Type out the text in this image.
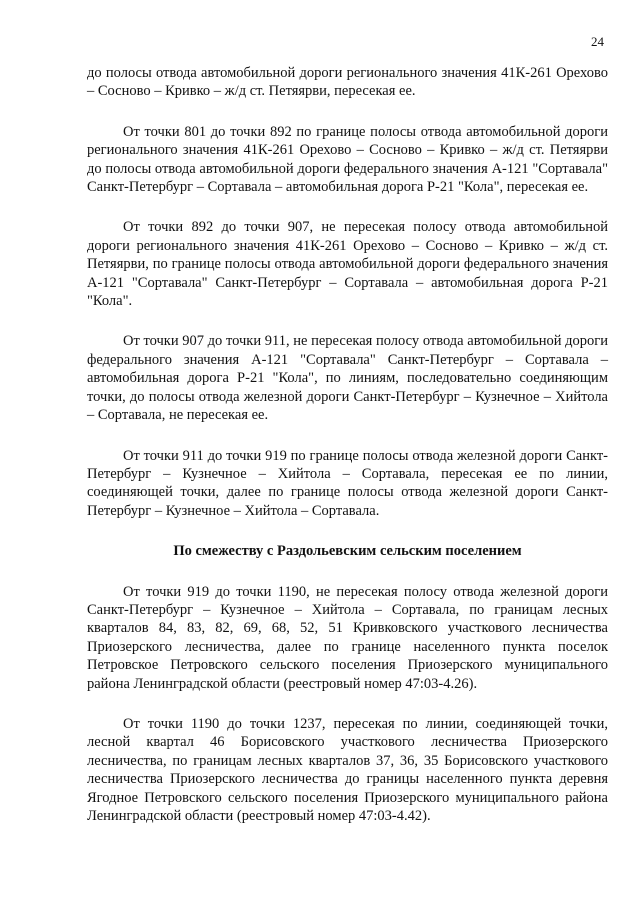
24

до полосы отвода автомобильной дороги регионального значения 41К-261 Орехово – Сосново – Кривко – ж/д ст. Петяярви, пересекая ее.

От точки 801 до точки 892 по границе полосы отвода автомобильной дороги регионального значения 41К-261 Орехово – Сосново – Кривко – ж/д ст. Петяярви до полосы отвода автомобильной дороги федерального значения А-121 "Сортавала" Санкт-Петербург – Сортавала – автомобильная дорога Р-21 "Кола", пересекая ее.

От точки 892 до точки 907, не пересекая полосу отвода автомобильной дороги регионального значения 41К-261 Орехово – Сосново – Кривко – ж/д ст. Петяярви, по границе полосы отвода автомобильной дороги федерального значения А-121 "Сортавала" Санкт-Петербург – Сортавала – автомобильная дорога Р-21 "Кола".

От точки 907 до точки 911, не пересекая полосу отвода автомобильной дороги федерального значения А-121 "Сортавала" Санкт-Петербург – Сортавала – автомобильная дорога Р-21 "Кола", по линиям, последовательно соединяющим точки, до полосы отвода железной дороги Санкт-Петербург – Кузнечное – Хийтола – Сортавала, не пересекая ее.

От точки 911 до точки 919 по границе полосы отвода железной дороги Санкт-Петербург – Кузнечное – Хийтола – Сортавала, пересекая ее по линии, соединяющей точки, далее по границе полосы отвода железной дороги Санкт-Петербург – Кузнечное – Хийтола – Сортавала.

По смежеству с Раздольевским сельским поселением

От точки 919 до точки 1190, не пересекая полосу отвода железной дороги Санкт-Петербург – Кузнечное – Хийтола – Сортавала, по границам лесных кварталов 84, 83, 82, 69, 68, 52, 51 Кривковского участкового лесничества Приозерского лесничества, далее по границе населенного пункта поселок Петровское Петровского сельского поселения Приозерского муниципального района Ленинградской области (реестровый номер 47:03-4.26).

От точки 1190 до точки 1237, пересекая по линии, соединяющей точки, лесной квартал 46 Борисовского участкового лесничества Приозерского лесничества, по границам лесных кварталов 37, 36, 35 Борисовского участкового лесничества Приозерского лесничества до границы населенного пункта деревня Ягодное Петровского сельского поселения Приозерского муниципального района Ленинградской области (реестровый номер 47:03-4.42).
